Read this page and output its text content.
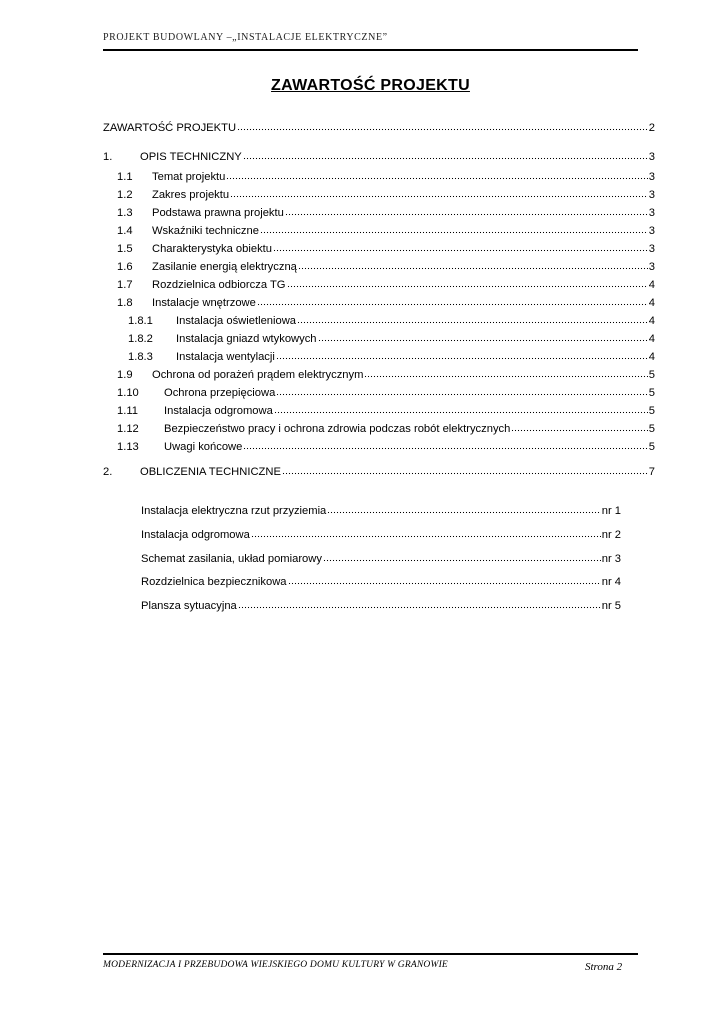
PROJEKT BUDOWLANY –„INSTALACJE ELEKTRYCZNE”
ZAWARTOŚĆ PROJEKTU
ZAWARTOŚĆ PROJEKTU	2
1.	OPIS TECHNICZNY	3
1.1	Temat projektu	3
1.2	Zakres projektu	3
1.3	Podstawa prawna projektu	3
1.4	Wskaźniki techniczne	3
1.5	Charakterystyka obiektu	3
1.6	Zasilanie energią elektryczną	3
1.7	Rozdzielnica odbiorcza TG	4
1.8	Instalacje wnętrzowe	4
1.8.1	Instalacja oświetleniowa	4
1.8.2	Instalacja gniazd wtykowych	4
1.8.3	Instalacja wentylacji	4
1.9	Ochrona od porażeń prądem elektrycznym	5
1.10	Ochrona przepięciowa	5
1.11	Instalacja odgromowa	5
1.12	Bezpieczeństwo pracy i ochrona zdrowia podczas robót elektrycznych	5
1.13	Uwagi końcowe	5
2.	OBLICZENIA TECHNICZNE	7
Instalacja elektryczna rzut przyziemia	nr 1
Instalacja odgromowa	nr 2
Schemat zasilania, układ pomiarowy	nr 3
Rozdzielnica bezpiecznikowa	nr 4
Plansza sytuacyjna	nr 5
MODERNIZACJA I PRZEBUDOWA WIEJSKIEGO DOMU KULTURY W GRANOWIE	Strona 2
